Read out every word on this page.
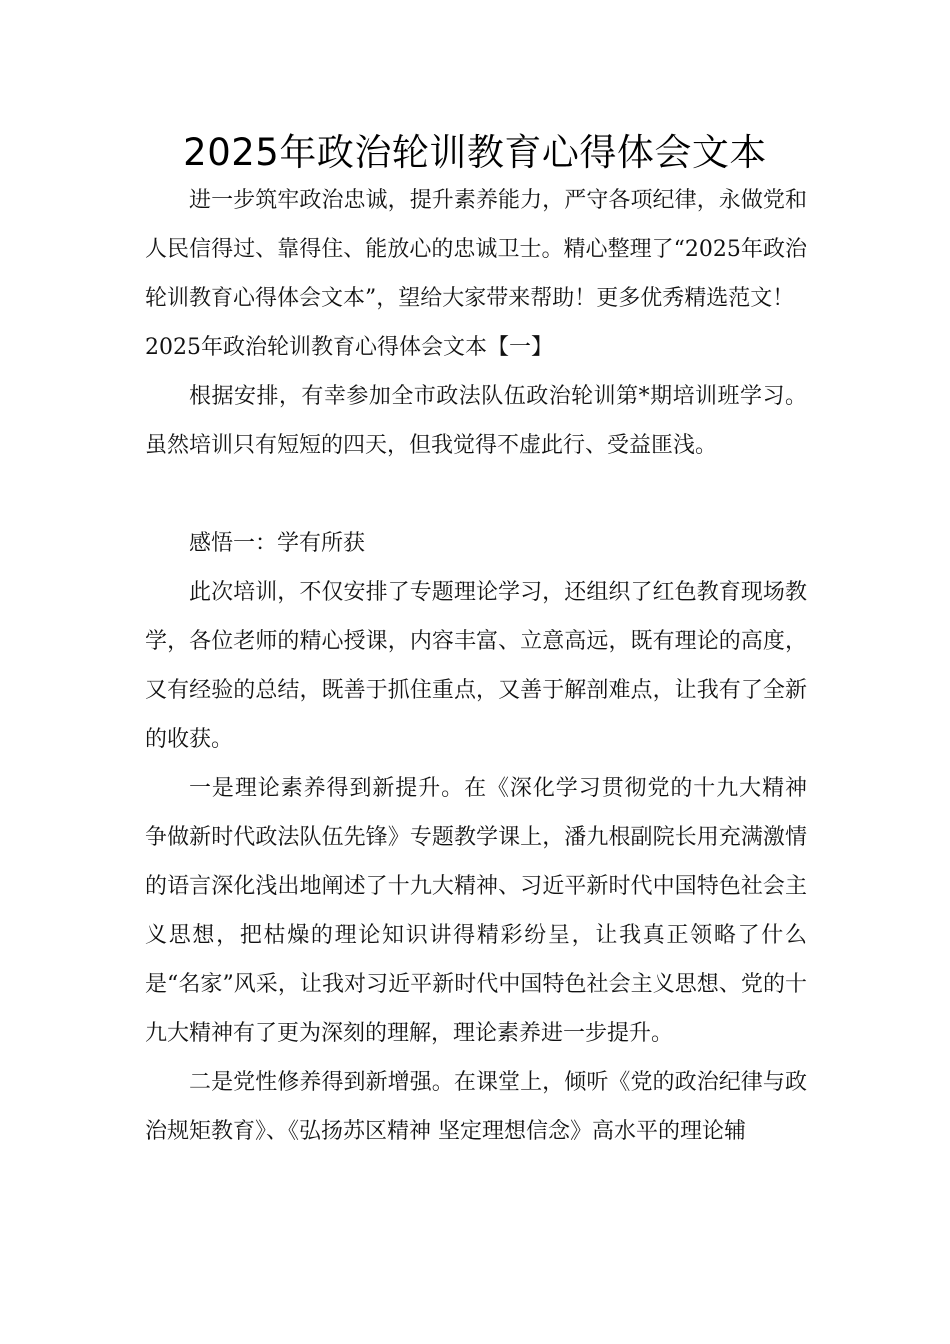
2025年政治轮训教育心得体会文本

进一步筑牢政治忠诚，提升素养能力，严守各项纪律，永做党和人民信得过、靠得住、能放心的忠诚卫士。精心整理了“2025年政治轮训教育心得体会文本”，望给大家带来帮助！更多优秀精选范文！

2025年政治轮训教育心得体会文本【一】

根据安排，有幸参加全市政法队伍政治轮训第*期培训班学习。虽然培训只有短短的四天，但我觉得不虚此行、受益匪浅。

感悟一：学有所获

此次培训，不仅安排了专题理论学习，还组织了红色教育现场教学，各位老师的精心授课，内容丰富、立意高远，既有理论的高度，又有经验的总结，既善于抓住重点，又善于解剖难点，让我有了全新的收获。

一是理论素养得到新提升。在《深化学习贯彻党的十九大精神 争做新时代政法队伍先锋》专题教学课上，潘九根副院长用充满激情的语言深化浅出地阐述了十九大精神、习近平新时代中国特色社会主义思想，把枯燥的理论知识讲得精彩纷呈，让我真正领略了什么是“名家”风采，让我对习近平新时代中国特色社会主义思想、党的十九大精神有了更为深刻的理解，理论素养进一步提升。

二是党性修养得到新增强。在课堂上，倾听《党的政治纪律与政治规矩教育》、《弘扬苏区精神 坚定理想信念》高水平的理论辅
